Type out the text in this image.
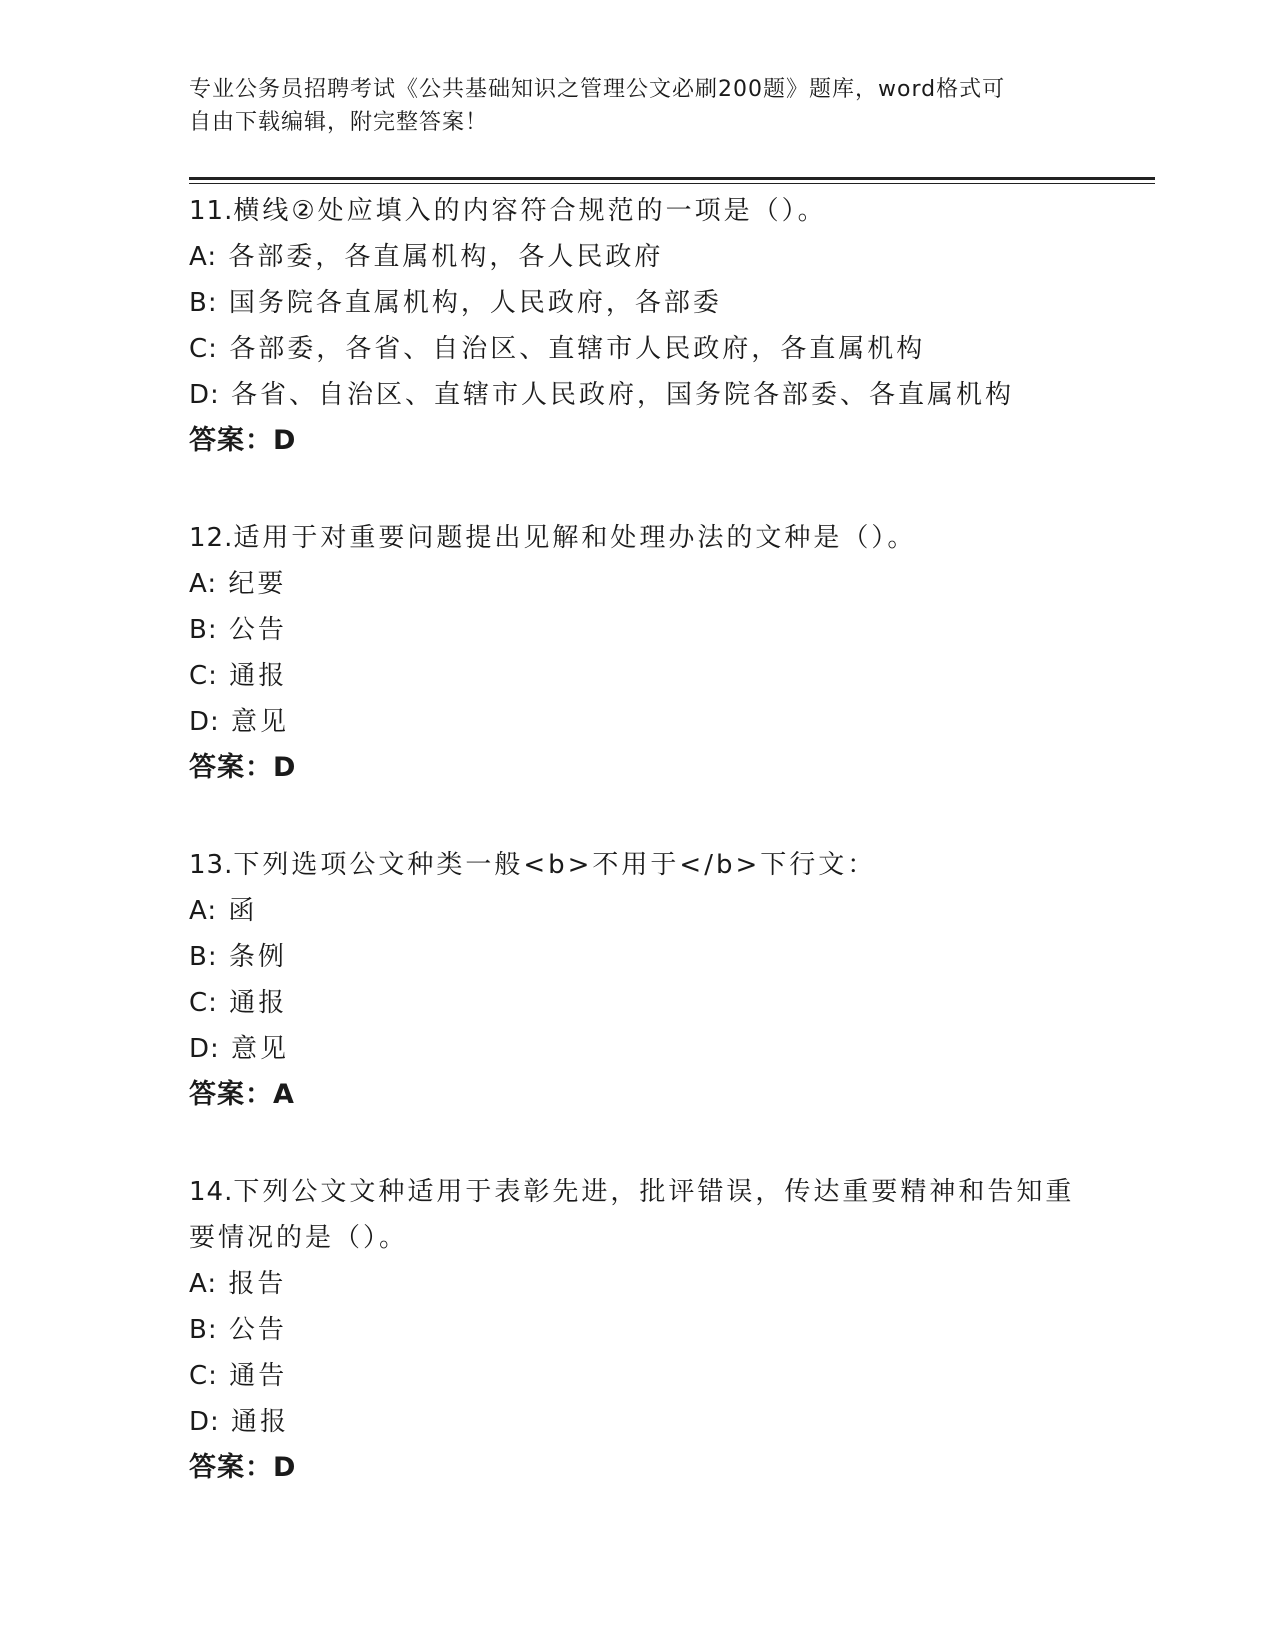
专业公务员招聘考试《公共基础知识之管理公文必刷200题》题库，word格式可
自由下载编辑，附完整答案！
11.横线②处应填入的内容符合规范的一项是（）。
A: 各部委，各直属机构，各人民政府
B: 国务院各直属机构，人民政府，各部委
C: 各部委，各省、自治区、直辖市人民政府，各直属机构
D: 各省、自治区、直辖市人民政府，国务院各部委、各直属机构
答案：D
12.适用于对重要问题提出见解和处理办法的文种是（）。
A: 纪要
B: 公告
C: 通报
D: 意见
答案：D
13.下列选项公文种类一般<b>不用于</b>下行文：
A: 函
B: 条例
C: 通报
D: 意见
答案：A
14.下列公文文种适用于表彰先进，批评错误，传达重要精神和告知重要情况的是（）。
A: 报告
B: 公告
C: 通告
D: 通报
答案：D
